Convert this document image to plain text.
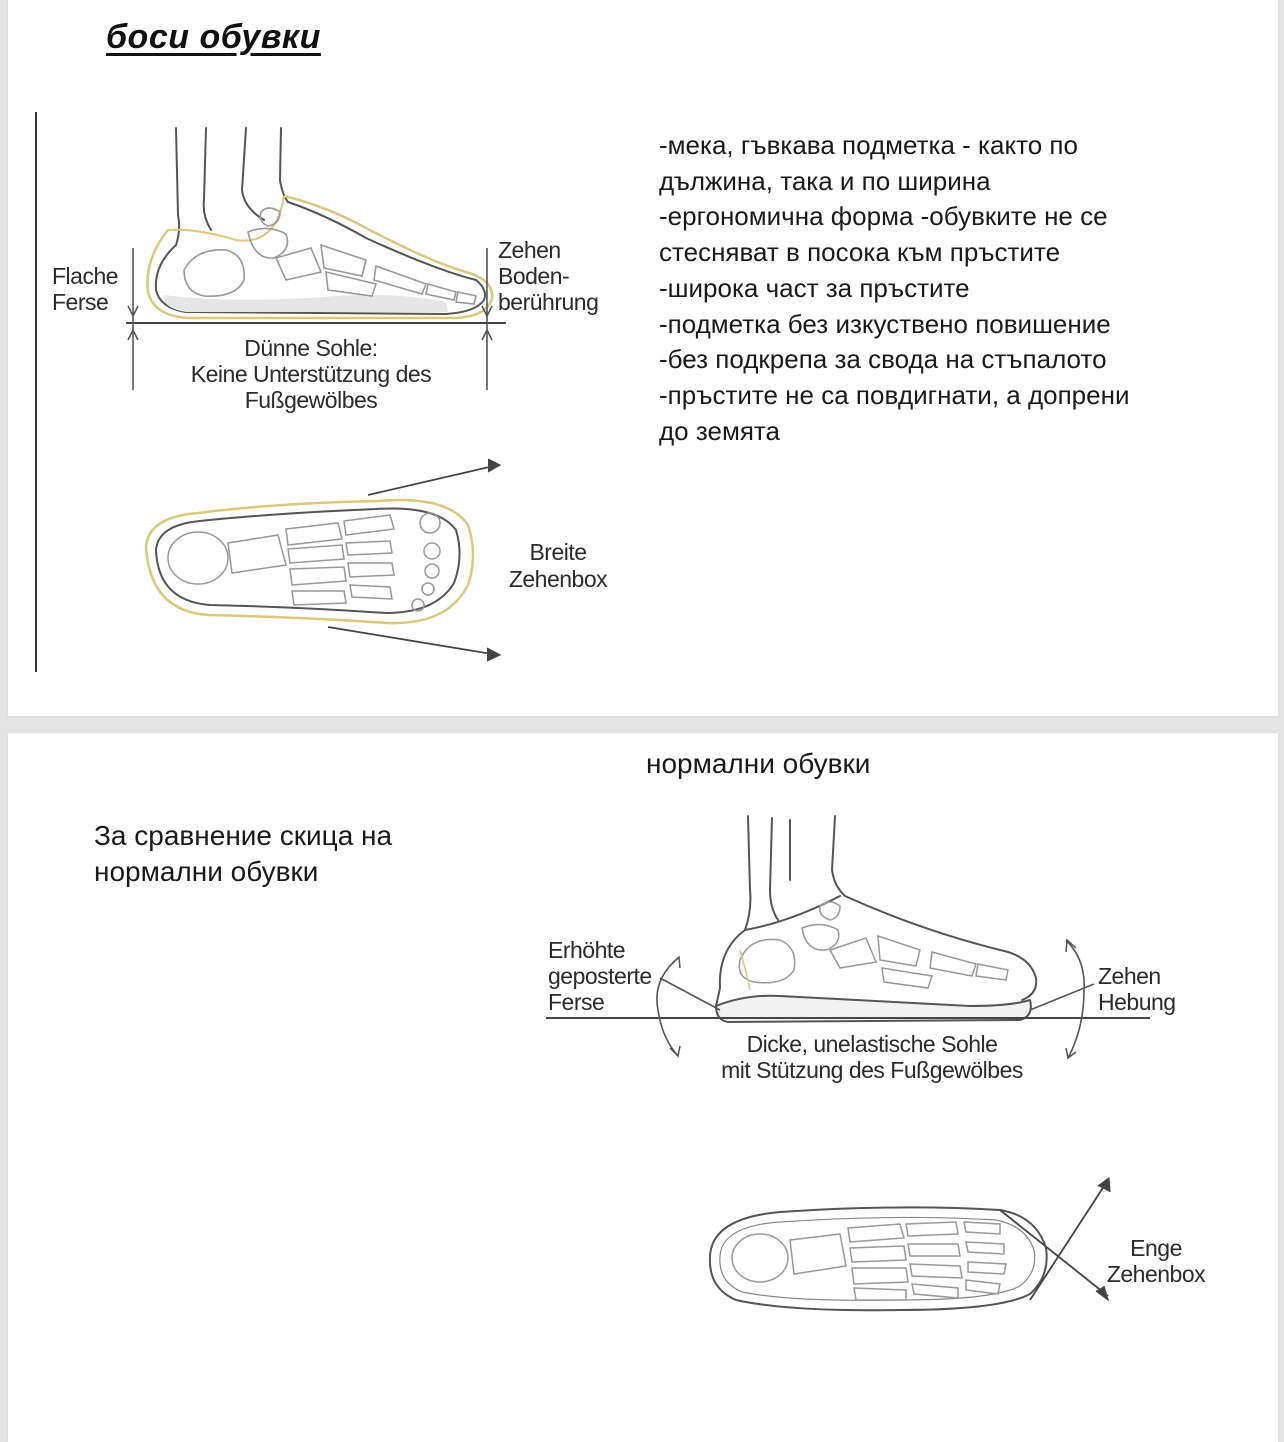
боси обувки
-мека, гъвкава подметка - както по
дължина, така и по ширина
-ергономична форма -обувките не се
стесняват в посока към пръстите
-широка част за пръстите
-подметка без изкуствено повишение
-без подкрепа за свода на стъпалото
-пръстите не са повдигнати, а допрени
до земята
Flache
Ferse
Zehen
Boden-
berührung
Dünne Sohle:
Keine Unterstützung des
Fußgewölbes
Breite
Zehenbox
нормални обувки

За сравнение скица на нормални обувки

Erhöhte
geposterte
Ferse
Zehen
Hebung
Dicke, unelastische Sohle
mit Stützung des Fußgewölbes
Enge
Zehenbox
